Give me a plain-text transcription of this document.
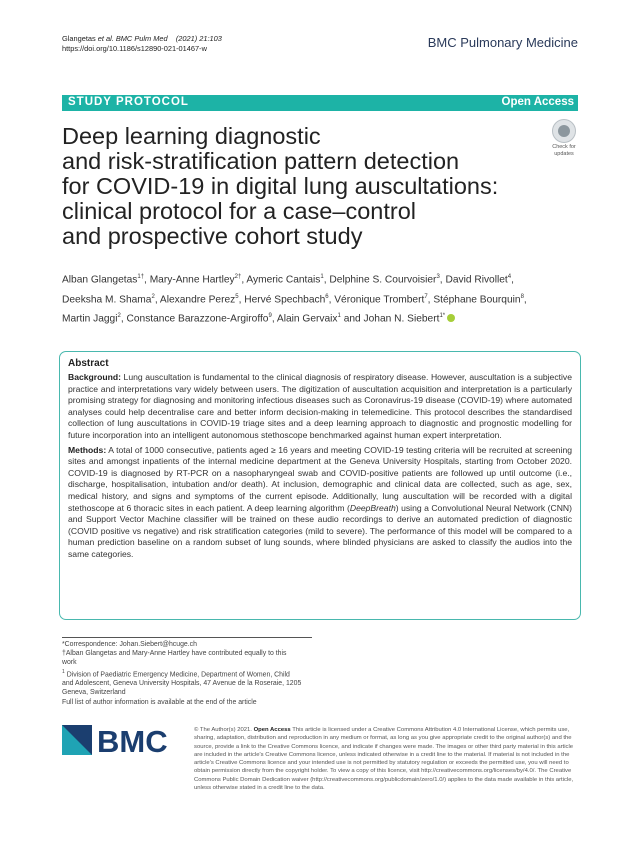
Glangetas et al. BMC Pulm Med (2021) 21:103
https://doi.org/10.1186/s12890-021-01467-w	BMC Pulmonary Medicine
STUDY PROTOCOL	Open Access
Check for
updates
Deep learning diagnostic
and risk-stratification pattern detection
for COVID-19 in digital lung auscultations:
clinical protocol for a case–control
and prospective cohort study
Alban Glangetas$^{1\dagger}$, Mary-Anne Hartley$^{2\dagger}$, Aymeric Cantais$^1$, Delphine S. Courvoisier$^3$, David Rivollet$^4$,
Deeksha M. Shama$^2$, Alexandre Perez$^5$, Hervé Spechbach$^6$, Véronique Trombert$^7$, Stéphane Bourquin$^8$,
Martin Jaggi$^2$, Constance Barazzone-Argiroffo$^9$, Alain Gervaix$^1$ and Johan N. Siebert$^{1*}$
Abstract

Background: Lung auscultation is fundamental to the clinical diagnosis of respiratory disease. However, auscultation is a subjective practice and interpretations vary widely between users. The digitization of auscultation acquisition and interpretation is a particularly promising strategy for diagnosing and monitoring infectious diseases such as Coronavirus-19 disease (COVID-19) where automated analyses could help decentralise care and better inform decision-making in telemedicine. This protocol describes the standardised collection of lung auscultations in COVID-19 triage sites and a deep learning approach to diagnostic and prognostic modelling for future incorporation into an intelligent autonomous stethoscope benchmarked against human expert interpretation.

Methods: A total of 1000 consecutive, patients aged ≥ 16 years and meeting COVID-19 testing criteria will be recruited at screening sites and amongst inpatients of the internal medicine department at the Geneva University Hospitals, starting from October 2020. COVID-19 is diagnosed by RT-PCR on a nasopharyngeal swab and COVID-positive patients are followed up until outcome (i.e., discharge, hospitalisation, intubation and/or death). At inclusion, demographic and clinical data are collected, such as age, sex, medical history, and signs and symptoms of the current episode. Additionally, lung auscultation will be recorded with a digital stethoscope at 6 thoracic sites in each patient. A deep learning algorithm (DeepBreath) using a Convolutional Neural Network (CNN) and Support Vector Machine classifier will be trained on these audio recordings to derive an automated prediction of diagnostic (COVID positive vs negative) and risk stratification categories (mild to severe). The performance of this model will be compared to a human prediction baseline on a random subset of lung sounds, where blinded physicians are asked to classify the audios into the same categories.

*Correspondence: Johan.Siebert@hcuge.ch

†Alban Glangetas and Mary-Anne Hartley have contributed equally to this work

$^1$ Division of Paediatric Emergency Medicine, Department of Women, Child and Adolescent, Geneva University Hospitals, 47 Avenue de la Roseraie, 1205 Geneva, Switzerland

Full list of author information is available at the end of the article

BMC	© The Author(s) 2021. Open Access This article is licensed under a Creative Commons Attribution 4.0 International License, which permits use, sharing, adaptation, distribution and reproduction in any medium or format, as long as you give appropriate credit to the original author(s) and the source, provide a link to the Creative Commons licence, and indicate if changes were made. The images or other third party material in this article are included in the article's Creative Commons licence, unless indicated otherwise in a credit line to the material. If material is not included in the article's Creative Commons licence and your intended use is not permitted by statutory regulation or exceeds the permitted use, you will need to obtain permission directly from the copyright holder. To view a copy of this licence, visit http://creativecommons.org/licenses/by/4.0/. The Creative Commons Public Domain Dedication waiver (http://creativecommons.org/publicdomain/zero/1.0/) applies to the data made available in this article, unless otherwise stated in a credit line to the data.
